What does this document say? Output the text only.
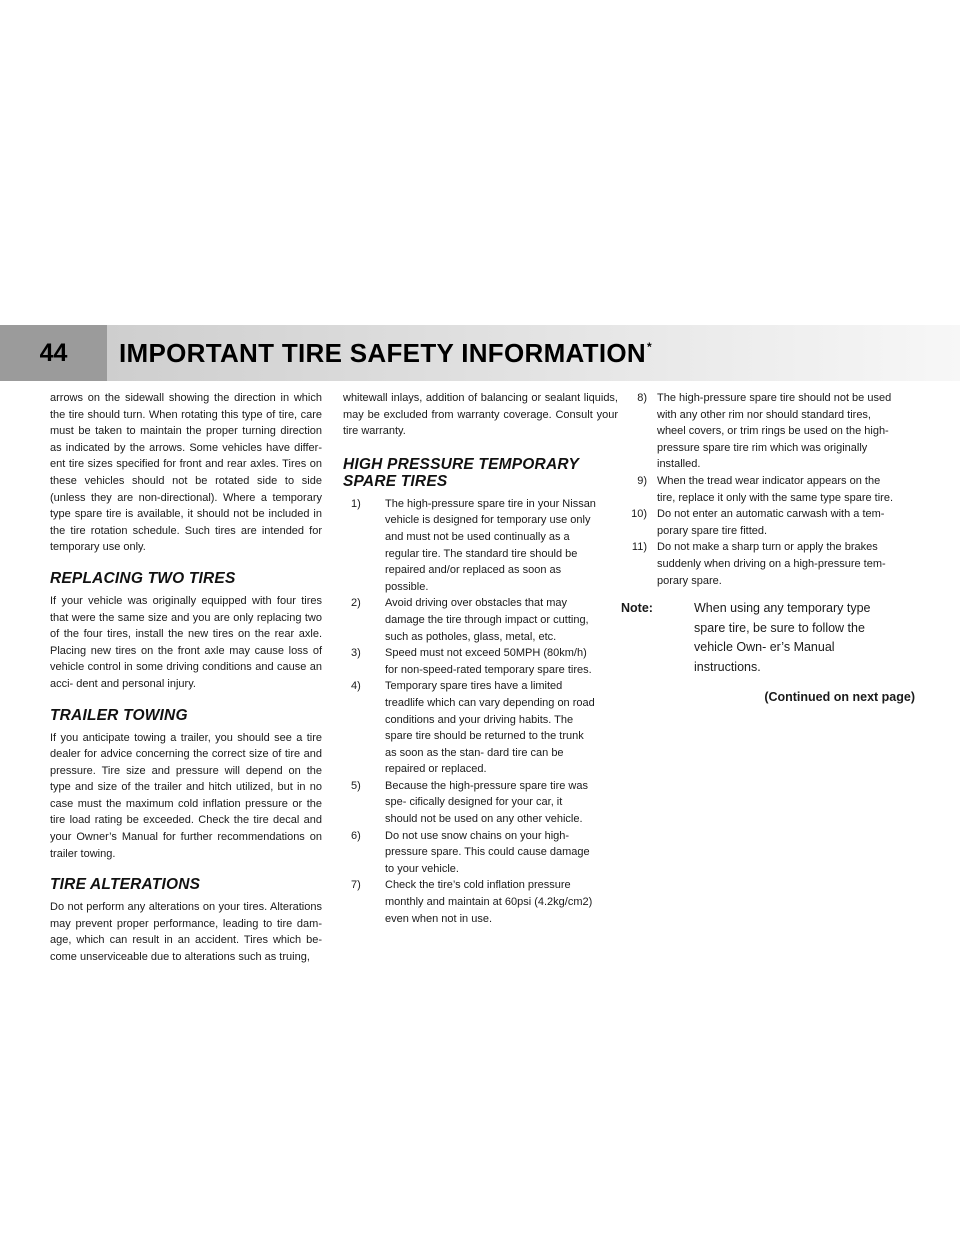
44	IMPORTANT TIRE SAFETY INFORMATION*

arrows on the sidewall showing the direction in which the tire should turn. When rotating this type of tire, care must be taken to maintain the proper turning direction as indicated by the arrows. Some vehicles have differ- ent tire sizes specified for front and rear axles. Tires on these vehicles should not be rotated side to side (unless they are non-directional). Where a temporary type spare tire is available, it should not be included in the tire rotation schedule. Such tires are intended for temporary use only.

REPLACING TWO TIRES

If your vehicle was originally equipped with four tires that were the same size and you are only replacing two of the four tires, install the new tires on the rear axle. Placing new tires on the front axle may cause loss of vehicle control in some driving conditions and cause an acci- dent and personal injury.

TRAILER TOWING

If you anticipate towing a trailer, you should see a tire dealer for advice concerning the correct size of tire and pressure. Tire size and pressure will depend on the type and size of the trailer and hitch utilized, but in no case must the maximum cold inflation pressure or the tire load rating be exceeded. Check the tire decal and your Owner’s Manual for further recommendations on trailer towing.

TIRE ALTERATIONS

Do not perform any alterations on your tires. Alterations may prevent proper performance, leading to tire dam- age, which can result in an accident. Tires which be- come unserviceable due to alterations such as truing,

whitewall inlays, addition of balancing or sealant liquids, may be excluded from warranty coverage. Consult your tire warranty.

HIGH PRESSURE TEMPORARY SPARE TIRES
1)	The high-pressure spare tire in your Nissan vehicle is designed for temporary use only and must not be used continually as a regular tire. The standard tire should be repaired and/or replaced as soon as possible.
2)	Avoid driving over obstacles that may damage the tire through impact or cutting, such as potholes, glass, metal, etc.
3)	Speed must not exceed 50MPH (80km/h) for non-speed-rated temporary spare tires.
4)	Temporary spare tires have a limited treadlife which can vary depending on road conditions and your driving habits. The spare tire should be returned to the trunk as soon as the stan- dard tire can be repaired or replaced.
5)	Because the high-pressure spare tire was spe- cifically designed for your car, it should not be used on any other vehicle.
6)	Do not use snow chains on your high-pressure spare. This could cause damage to your vehicle.
7)	Check the tire’s cold inflation pressure monthly and maintain at 60psi (4.2kg/cm2) even when not in use.
8) The high-pressure spare tire should not be used with any other rim nor should standard tires, wheel covers, or trim rings be used on the high-pressure spare tire rim which was originally installed.
9) When the tread wear indicator appears on the tire, replace it only with the same type spare tire.
10) Do not enter an automatic carwash with a tem- porary spare tire fitted.
11) Do not make a sharp turn or apply the brakes suddenly when driving on a high-pressure tem- porary spare.
Note:	When using any temporary type spare tire, be sure to follow the vehicle Own- er’s Manual instructions.
(Continued on next page)
